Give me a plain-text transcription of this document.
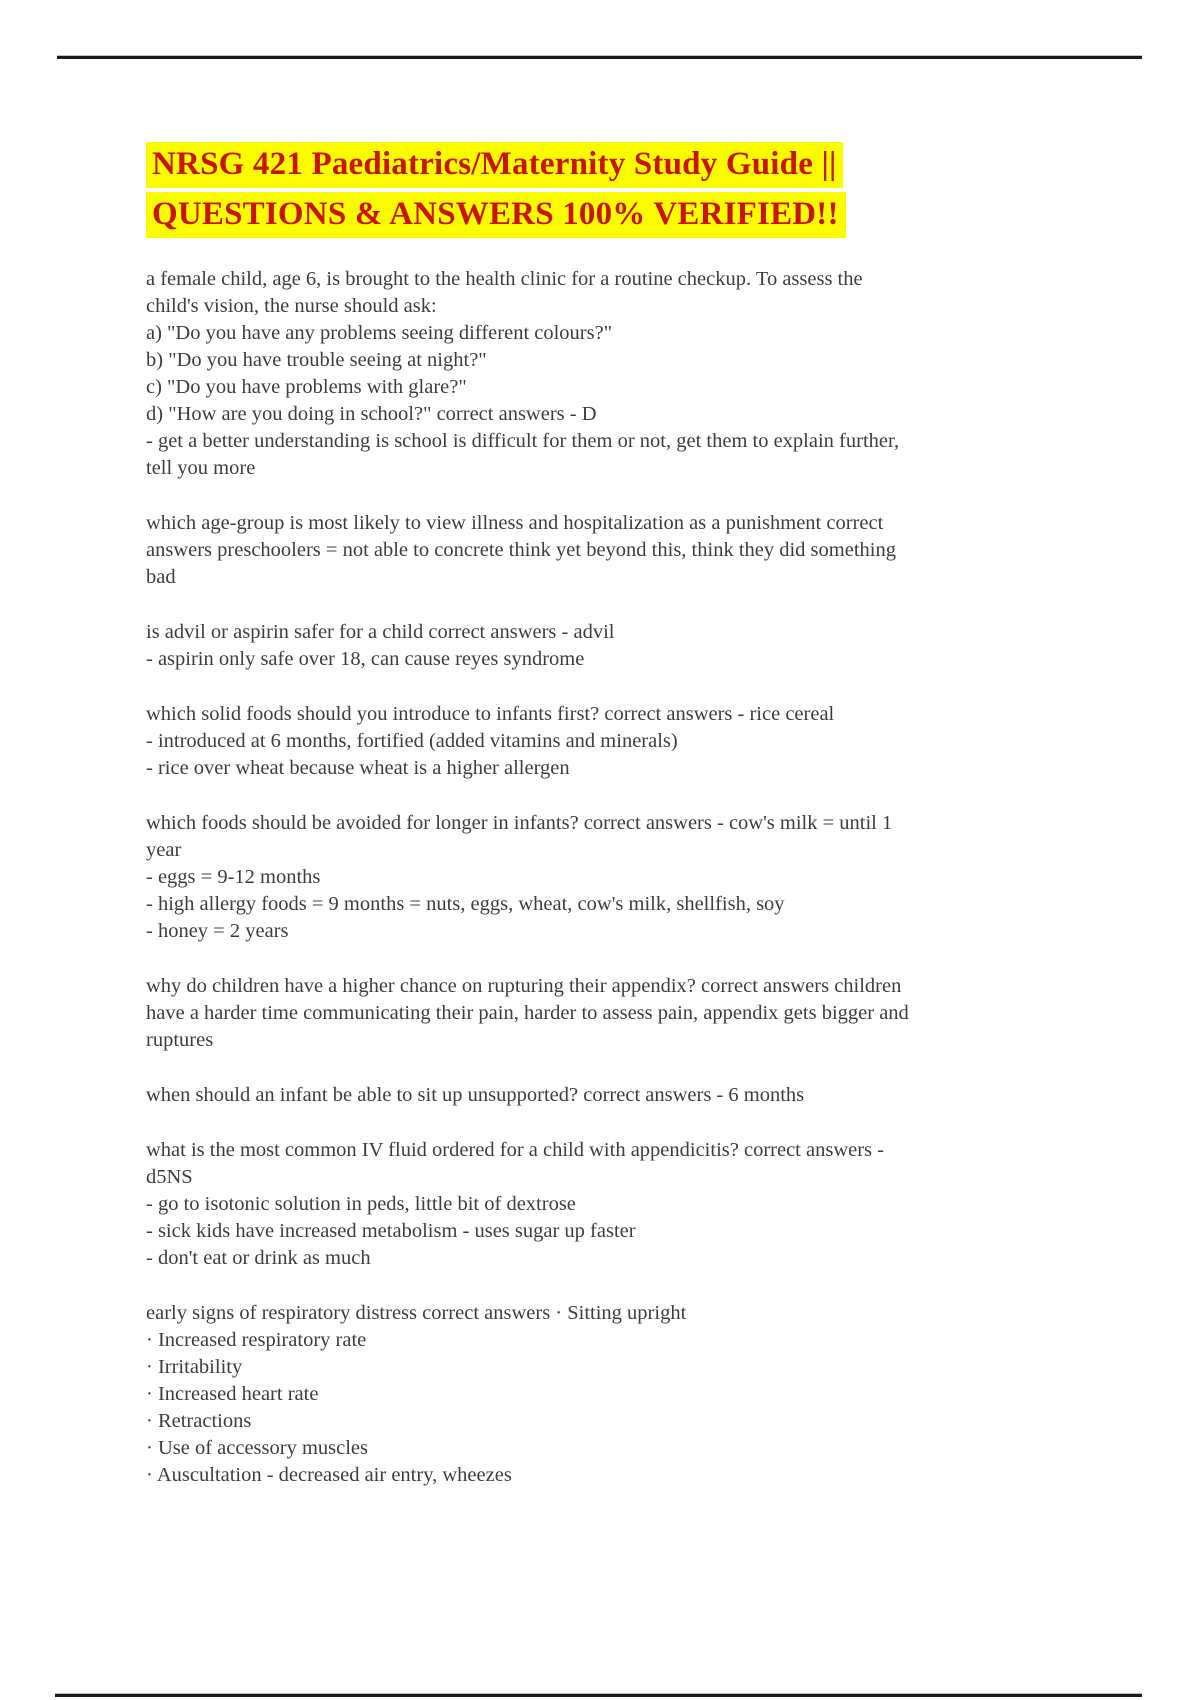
NRSG 421 Paediatrics/Maternity Study Guide ||
QUESTIONS & ANSWERS 100% VERIFIED!!
a female child, age 6, is brought to the health clinic for a routine checkup. To assess the
child's vision, the nurse should ask:
a) "Do you have any problems seeing different colours?"
b) "Do you have trouble seeing at night?"
c) "Do you have problems with glare?"
d) "How are you doing in school?" correct answers - D
- get a better understanding is school is difficult for them or not, get them to explain further,
tell you more
which age-group is most likely to view illness and hospitalization as a punishment correct
answers preschoolers = not able to concrete think yet beyond this, think they did something
bad
is advil or aspirin safer for a child correct answers - advil
- aspirin only safe over 18, can cause reyes syndrome
which solid foods should you introduce to infants first? correct answers - rice cereal
- introduced at 6 months, fortified (added vitamins and minerals)
- rice over wheat because wheat is a higher allergen
which foods should be avoided for longer in infants? correct answers - cow's milk = until 1
year
- eggs = 9-12 months
- high allergy foods = 9 months = nuts, eggs, wheat, cow's milk, shellfish, soy
- honey = 2 years
why do children have a higher chance on rupturing their appendix? correct answers children
have a harder time communicating their pain, harder to assess pain, appendix gets bigger and
ruptures
when should an infant be able to sit up unsupported? correct answers - 6 months
what is the most common IV fluid ordered for a child with appendicitis? correct answers -
d5NS
- go to isotonic solution in peds, little bit of dextrose
- sick kids have increased metabolism - uses sugar up faster
- don't eat or drink as much
early signs of respiratory distress correct answers · Sitting upright
· Increased respiratory rate
· Irritability
· Increased heart rate
· Retractions
· Use of accessory muscles
· Auscultation - decreased air entry, wheezes
